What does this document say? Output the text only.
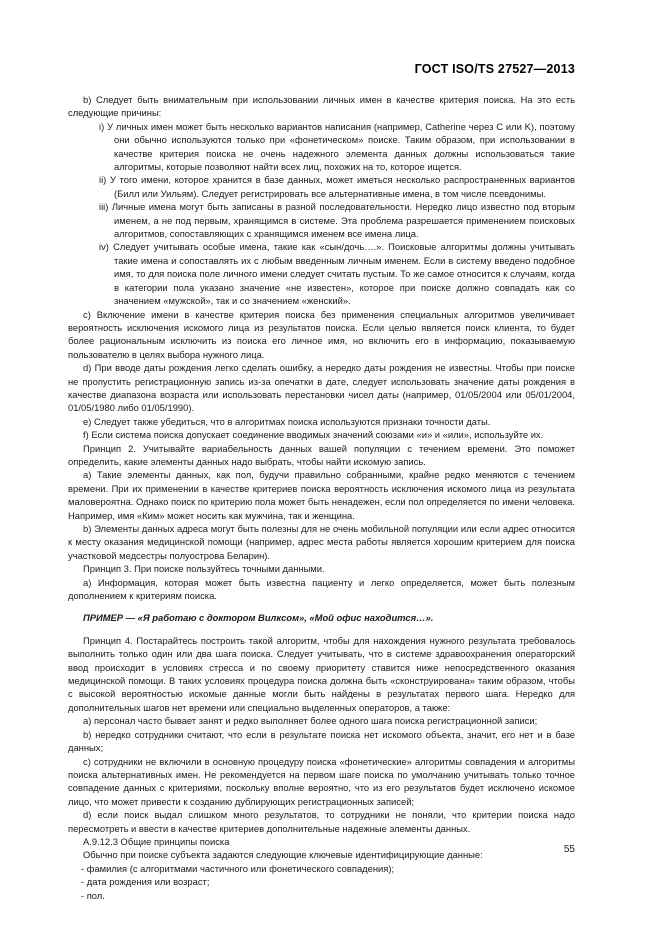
ГОСТ ISO/TS 27527—2013

b) Следует быть внимательным при использовании личных имен в качестве критерия поиска. На это есть следующие причины:

i) У личных имен может быть несколько вариантов написания (например, Catherine через C или K), поэтому они обычно используются только при «фонетическом» поиске. Таким образом, при использовании в качестве критерия поиска не очень надежного элемента данных должны использоваться такие алгоритмы, которые позволяют найти всех лиц, похожих на то, которое ищется.

ii) У того имени, которое хранится в базе данных, может иметься несколько распространенных вариантов (Билл или Уильям). Следует регистрировать все альтернативные имена, в том числе псевдонимы.

iii) Личные имена могут быть записаны в разной последовательности. Нередко лицо известно под вторым именем, а не под первым, хранящимся в системе. Эта проблема разрешается применением поисковых алгоритмов, сопоставляющих с хранящимся именем все имена лица.

iv) Следует учитывать особые имена, такие как «сын/дочь….». Поисковые алгоритмы должны учитывать такие имена и сопоставлять их с любым введенным личным именем. Если в систему введено подобное имя, то для поиска поле личного имени следует считать пустым. То же самое относится к случаям, когда в категории пола указано значение «не известен», которое при поиске должно совпадать как со значением «мужской», так и со значением «женский».

c) Включение имени в качестве критерия поиска без применения специальных алгоритмов увеличивает вероятность исключения искомого лица из результатов поиска. Если целью является поиск клиента, то будет более рациональным исключить из поиска его личное имя, но включить его в информацию, показываемую пользователю в целях выбора нужного лица.

d) При вводе даты рождения легко сделать ошибку, а нередко даты рождения не известны. Чтобы при поиске не пропустить регистрационную запись из-за опечатки в дате, следует использовать значение даты рождения в качестве диапазона возраста или использовать перестановки чисел даты (например, 01/05/2004 или 05/01/2004, 01/05/1980 либо 01/05/1990).

e) Следует также убедиться, что в алгоритмах поиска используются признаки точности даты.

f) Если система поиска допускает соединение вводимых значений союзами «и» и «или», используйте их.

Принцип 2. Учитывайте вариабельность данных вашей популяции с течением времени. Это поможет определить, какие элементы данных надо выбрать, чтобы найти искомую запись.

a) Такие элементы данных, как пол, будучи правильно собранными, крайне редко меняются с течением времени. При их применении в качестве критериев поиска вероятность исключения искомого лица из результата маловероятна. Однако поиск по критерию пола может быть ненадежен, если пол определяется по имени человека. Например, имя «Ким» может носить как мужчина, так и женщина.

b) Элементы данных адреса могут быть полезны для не очень мобильной популяции или если адрес относится к месту оказания медицинской помощи (например, адрес места работы является хорошим критерием для поиска участковой медсестры полуострова Беларин).

Принцип 3. При поиске пользуйтесь точными данными.

a) Информация, которая может быть известна пациенту и легко определяется, может быть полезным дополнением к критериям поиска.

ПРИМЕР — «Я работаю с доктором Вилксом», «Мой офис находится…».

Принцип 4. Постарайтесь построить такой алгоритм, чтобы для нахождения нужного результата требовалось выполнить только один или два шага поиска. Следует учитывать, что в системе здравоохранения операторский ввод происходит в условиях стресса и по своему приоритету ставится ниже непосредственного оказания медицинской помощи. В таких условиях процедура поиска должна быть «сконструирована» таким образом, чтобы с высокой вероятностью искомые данные могли быть найдены в результатах первого шага. Нередко для дополнительных шагов нет времени или специально выделенных операторов, а также:

a) персонал часто бывает занят и редко выполняет более одного шага поиска регистрационной записи;

b) нередко сотрудники считают, что если в результате поиска нет искомого объекта, значит, его нет и в базе данных;

c) сотрудники не включили в основную процедуру поиска «фонетические» алгоритмы совпадения и алгоритмы поиска альтернативных имен. Не рекомендуется на первом шаге поиска по умолчанию учитывать только точное совпадение данных с критериями, поскольку вполне вероятно, что из его результатов будет исключено искомое лицо, что может привести к созданию дублирующих регистрационных записей;

d) если поиск выдал слишком много результатов, то сотрудники не поняли, что критерии поиска надо пересмотреть и ввести в качестве критериев дополнительные надежные элементы данных.

А.9.12.3 Общие принципы поиска

Обычно при поиске субъекта задаются следующие ключевые идентифицирующие данные:

- фамилия (с алгоритмами частичного или фонетического совпадения);

- дата рождения или возраст;

- пол.

55
